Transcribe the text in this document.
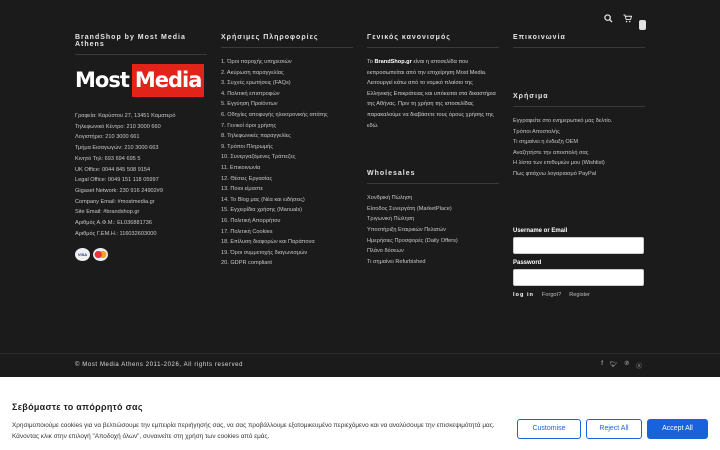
0
BrandShop by Most Media Athens
Most Media
Γραφεία: Καρύστου 27, 13451 Καματερό
Τηλεφωνικό Κέντρο: 210 3000 660
Λογιστήριο: 210 3000 661
Τμήμα Εισαγωγών: 210 3000 663
Κινητό Τηλ: 693 694 695 5
UK Office: 0044 845 508 9154
Legal Office: 0049 151 118 05997
Gigaset Network: 230 916 24902#9
Company Email: #mostmedia.gr
Site Email: #brandshop.gr
Αριθμός Α.Φ.Μ.: EL036881736
Αριθμός Γ.ΕΜ.Η.: 116032603000
VISA
Χρήσιμες Πληροφορίες
1. Όροι παροχής υπηρεσιών
2. Ακύρωση παραγγελίας
3. Συχνές ερωτήσεις (FAQs)
4. Πολιτική επιστροφών
5. Εγγύηση Προϊόντων
6. Οδηγίες αποφυγής ηλεκτρονικής απάτης
7. Γενικοί όροι χρήσης
8. Τηλεφωνικές παραγγελίες
9. Τρόποι Πληρωμής
10. Συνεργαζόμενες Τράπεζες
11. Επικοινωνία
12. Θέσεις Εργασίας
13. Ποιοι είμαστε
14. To Blog μας (Νέα και ειδήσεις)
15. Εγχειρίδια χρήσης (Manuals)
16. Πολιτική Απορρήτου
17. Πολιτική Cookies
18. Επίλυση διαφορών και Παράπονα
19. Όροι συμμετοχής διαγωνισμών
20. GDPR compliant
Γενικός κανονισμός
Το BrandShop.gr είναι η ιστοσελίδα που εκπροσωπείται από την επιχείρηση Most Media. Λειτουργεί κάτω από το νομικό πλαίσιο της Ελληνικής Επικράτειας και υπόκειται στα δικαστήρια της Αθήνας. Πριν τη χρήση της ιστοσελίδας παρακαλούμε να διαβάσετε τους όρους χρήσης της εδώ.
Wholesales
Χονδρική Πώληση
Είσοδος Συνεργάτη (MarketPlace)
Τριγωνική Πώληση
Υποστήριξη Εταιρικών Πελατών
Ημερήσιες Προσφορές (Daily Offers)
Πλάνο δόσεων
Τι σημαίνει Refurbished
Επικοινωνία
Χρήσιμα
Εγγραφείτε στο ενημερωτικό μας δελτίο.
Τρόποι Αποστολής
Τι σημαίνει η ένδειξη OEM
Αναζητήστε την αποστολή σας
Η λίστα των επιθυμιών μου (Wishlist)
Πως φτιάχνω λογαριασμό PayPal
Username or Email
Password
log in Forgot? Register
© Most Media Athens 2011-2026, All rights reserved	f 🐦︎ ℗ Ⓢ
Σεβόμαστε το απόρρητό σας

Χρησιμοποιούμε cookies για να βελτιώσουμε την εμπειρία περιήγησής σας, να σας προβάλλουμε εξατομικευμένο περιεχόμενο και να αναλύσουμε την επισκεψιμότητά μας. Κάνοντας κλικ στην επιλογή "Αποδοχή όλων", συναινείτε στη χρήση των cookies από εμάς.

Customise	Reject All	Accept All
